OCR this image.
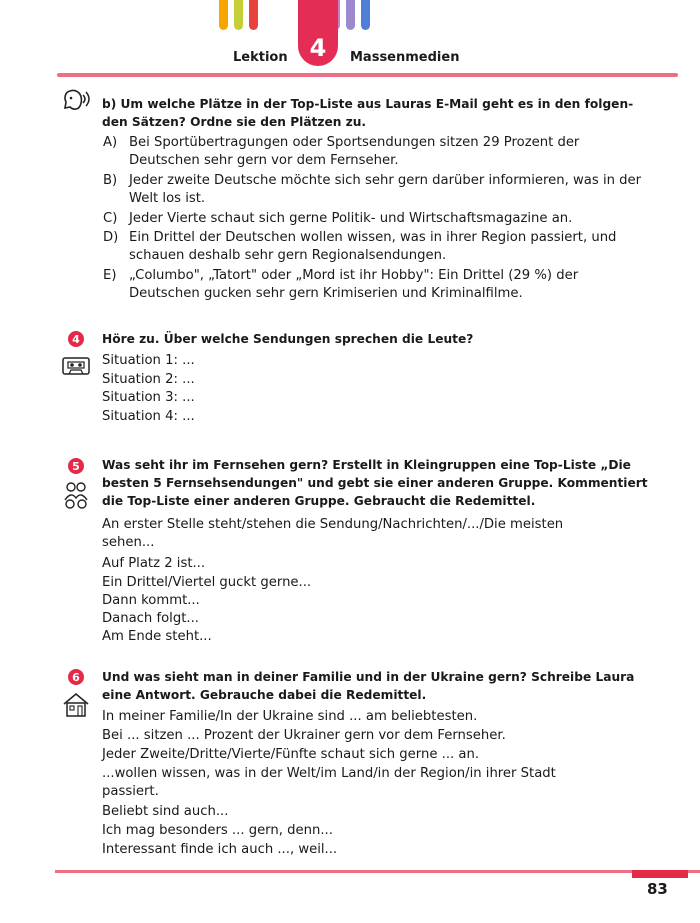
4
Lektion	Massenmedien
b) Um welche Plätze in der Top-Liste aus Lauras E-Mail geht es in den folgen-
den Sätzen? Ordne sie den Plätzen zu.
A) Bei Sportübertragungen oder Sportsendungen sitzen 29 Prozent der Deutschen sehr gern vor dem Fernseher.
B) Jeder zweite Deutsche möchte sich sehr gern darüber informieren, was in der Welt los ist.
C) Jeder Vierte schaut sich gerne Politik- und Wirtschaftsmagazine an.
D) Ein Drittel der Deutschen wollen wissen, was in ihrer Region passiert, und schauen deshalb sehr gern Regionalsendungen.
E) „Columbo", „Tatort" oder „Mord ist ihr Hobby": Ein Drittel (29 %) der Deutschen gucken sehr gern Krimiserien und Kriminalfilme.
4	Höre zu. Über welche Sendungen sprechen die Leute?
Situation 1: ...
Situation 2: ...
Situation 3: ...
Situation 4: ...
5	Was seht ihr im Fernsehen gern? Erstellt in Kleingruppen eine Top-Liste „Die
besten 5 Fernsehsendungen" und gebt sie einer anderen Gruppe. Kommentiert
die Top-Liste einer anderen Gruppe. Gebraucht die Redemittel.
An erster Stelle steht/stehen die Sendung/Nachrichten/.../Die meisten
sehen...
Auf Platz 2 ist...
Ein Drittel/Viertel guckt gerne...
Dann kommt...
Danach folgt...
Am Ende steht...
6	Und was sieht man in deiner Familie und in der Ukraine gern? Schreibe Laura
eine Antwort. Gebrauche dabei die Redemittel.
In meiner Familie/In der Ukraine sind ... am beliebtesten.
Bei ... sitzen ... Prozent der Ukrainer gern vor dem Fernseher.
Jeder Zweite/Dritte/Vierte/Fünfte schaut sich gerne ... an.
...wollen wissen, was in der Welt/im Land/in der Region/in ihrer Stadt
passiert.
Beliebt sind auch...
Ich mag besonders ... gern, denn...
Interessant finde ich auch ..., weil...
83
